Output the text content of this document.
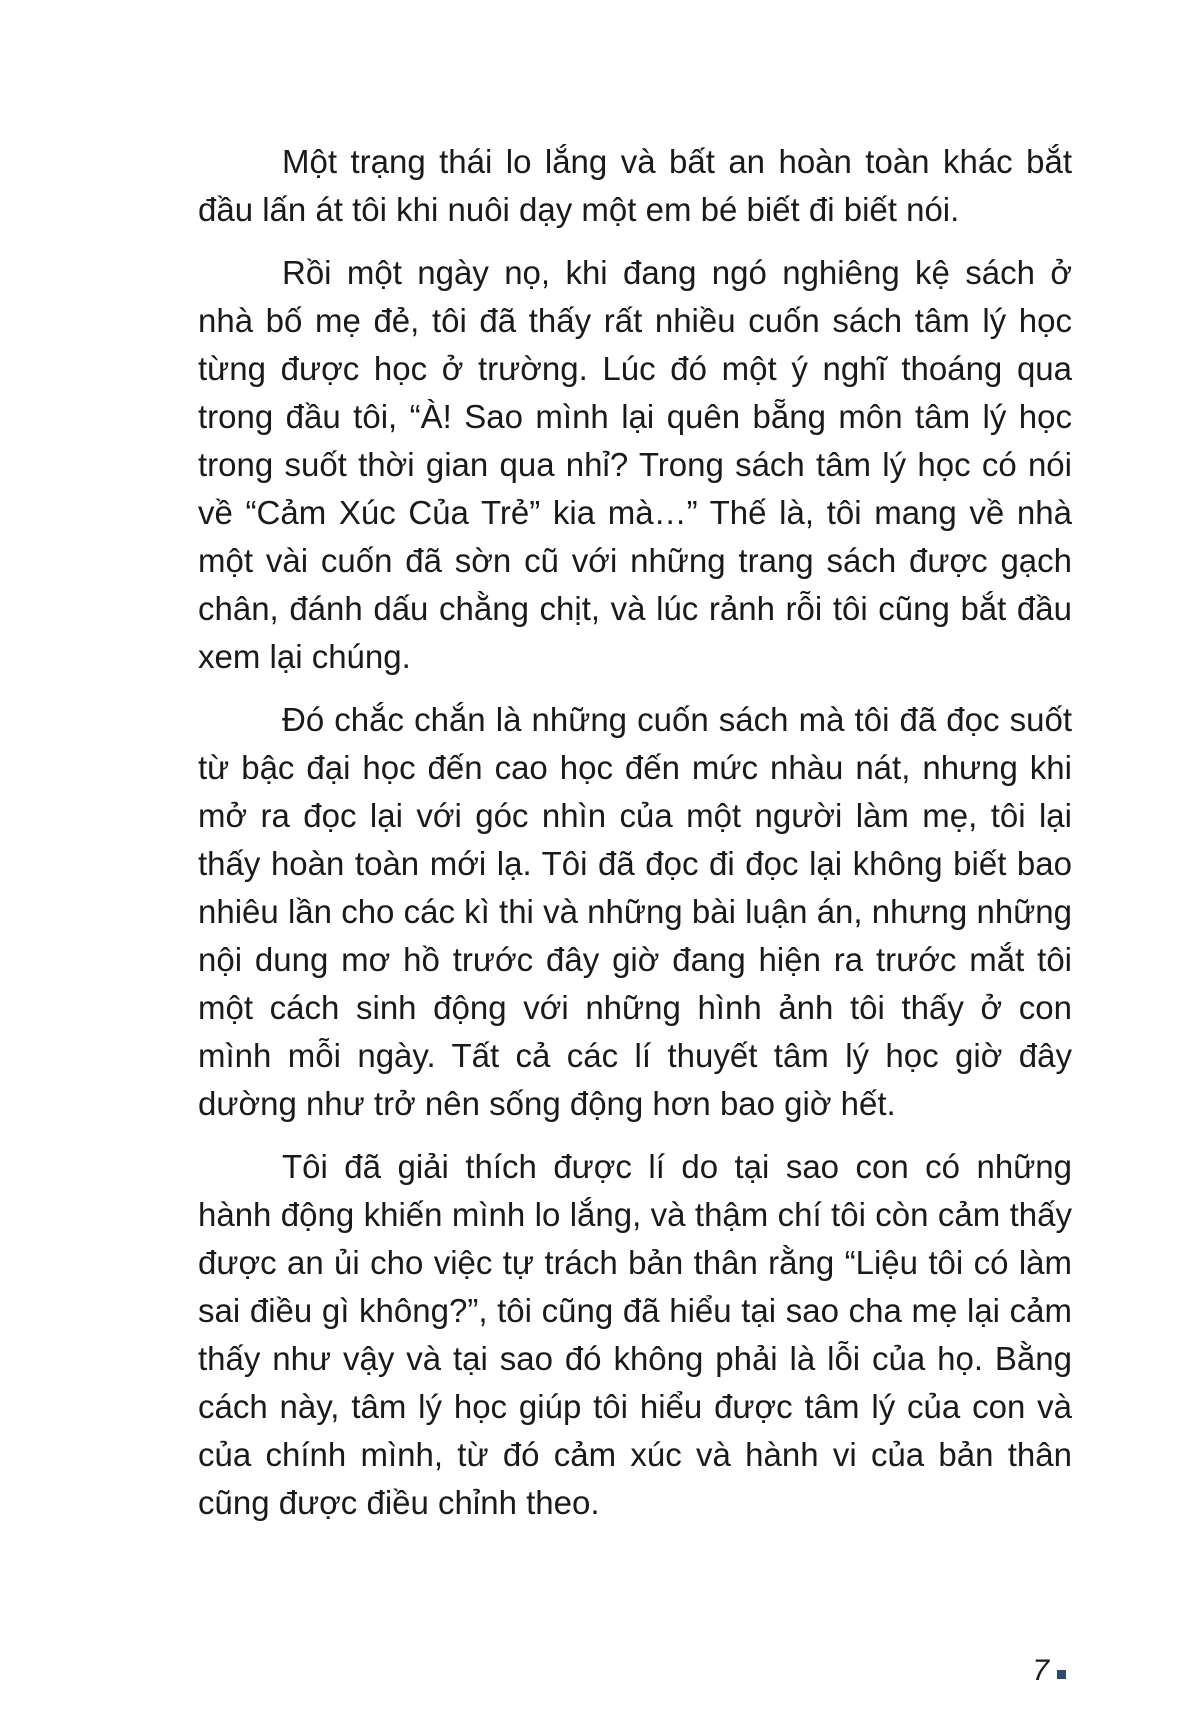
Một trạng thái lo lắng và bất an hoàn toàn khác bắt đầu lấn át tôi khi nuôi dạy một em bé biết đi biết nói.

Rồi một ngày nọ, khi đang ngó nghiêng kệ sách ở nhà bố mẹ đẻ, tôi đã thấy rất nhiều cuốn sách tâm lý học từng được học ở trường. Lúc đó một ý nghĩ thoáng qua trong đầu tôi, “À! Sao mình lại quên bẵng môn tâm lý học trong suốt thời gian qua nhỉ? Trong sách tâm lý học có nói về “Cảm Xúc Của Trẻ” kia mà…” Thế là, tôi mang về nhà một vài cuốn đã sờn cũ với những trang sách được gạch chân, đánh dấu chằng chịt, và lúc rảnh rỗi tôi cũng bắt đầu xem lại chúng.

Đó chắc chắn là những cuốn sách mà tôi đã đọc suốt từ bậc đại học đến cao học đến mức nhàu nát, nhưng khi mở ra đọc lại với góc nhìn của một người làm mẹ, tôi lại thấy hoàn toàn mới lạ. Tôi đã đọc đi đọc lại không biết bao nhiêu lần cho các kì thi và những bài luận án, nhưng những nội dung mơ hồ trước đây giờ đang hiện ra trước mắt tôi một cách sinh động với những hình ảnh tôi thấy ở con mình mỗi ngày. Tất cả các lí thuyết tâm lý học giờ đây dường như trở nên sống động hơn bao giờ hết.

Tôi đã giải thích được lí do tại sao con có những hành động khiến mình lo lắng, và thậm chí tôi còn cảm thấy được an ủi cho việc tự trách bản thân rằng “Liệu tôi có làm sai điều gì không?”, tôi cũng đã hiểu tại sao cha mẹ lại cảm thấy như vậy và tại sao đó không phải là lỗi của họ. Bằng cách này, tâm lý học giúp tôi hiểu được tâm lý của con và của chính mình, từ đó cảm xúc và hành vi của bản thân cũng được điều chỉnh theo.

7
